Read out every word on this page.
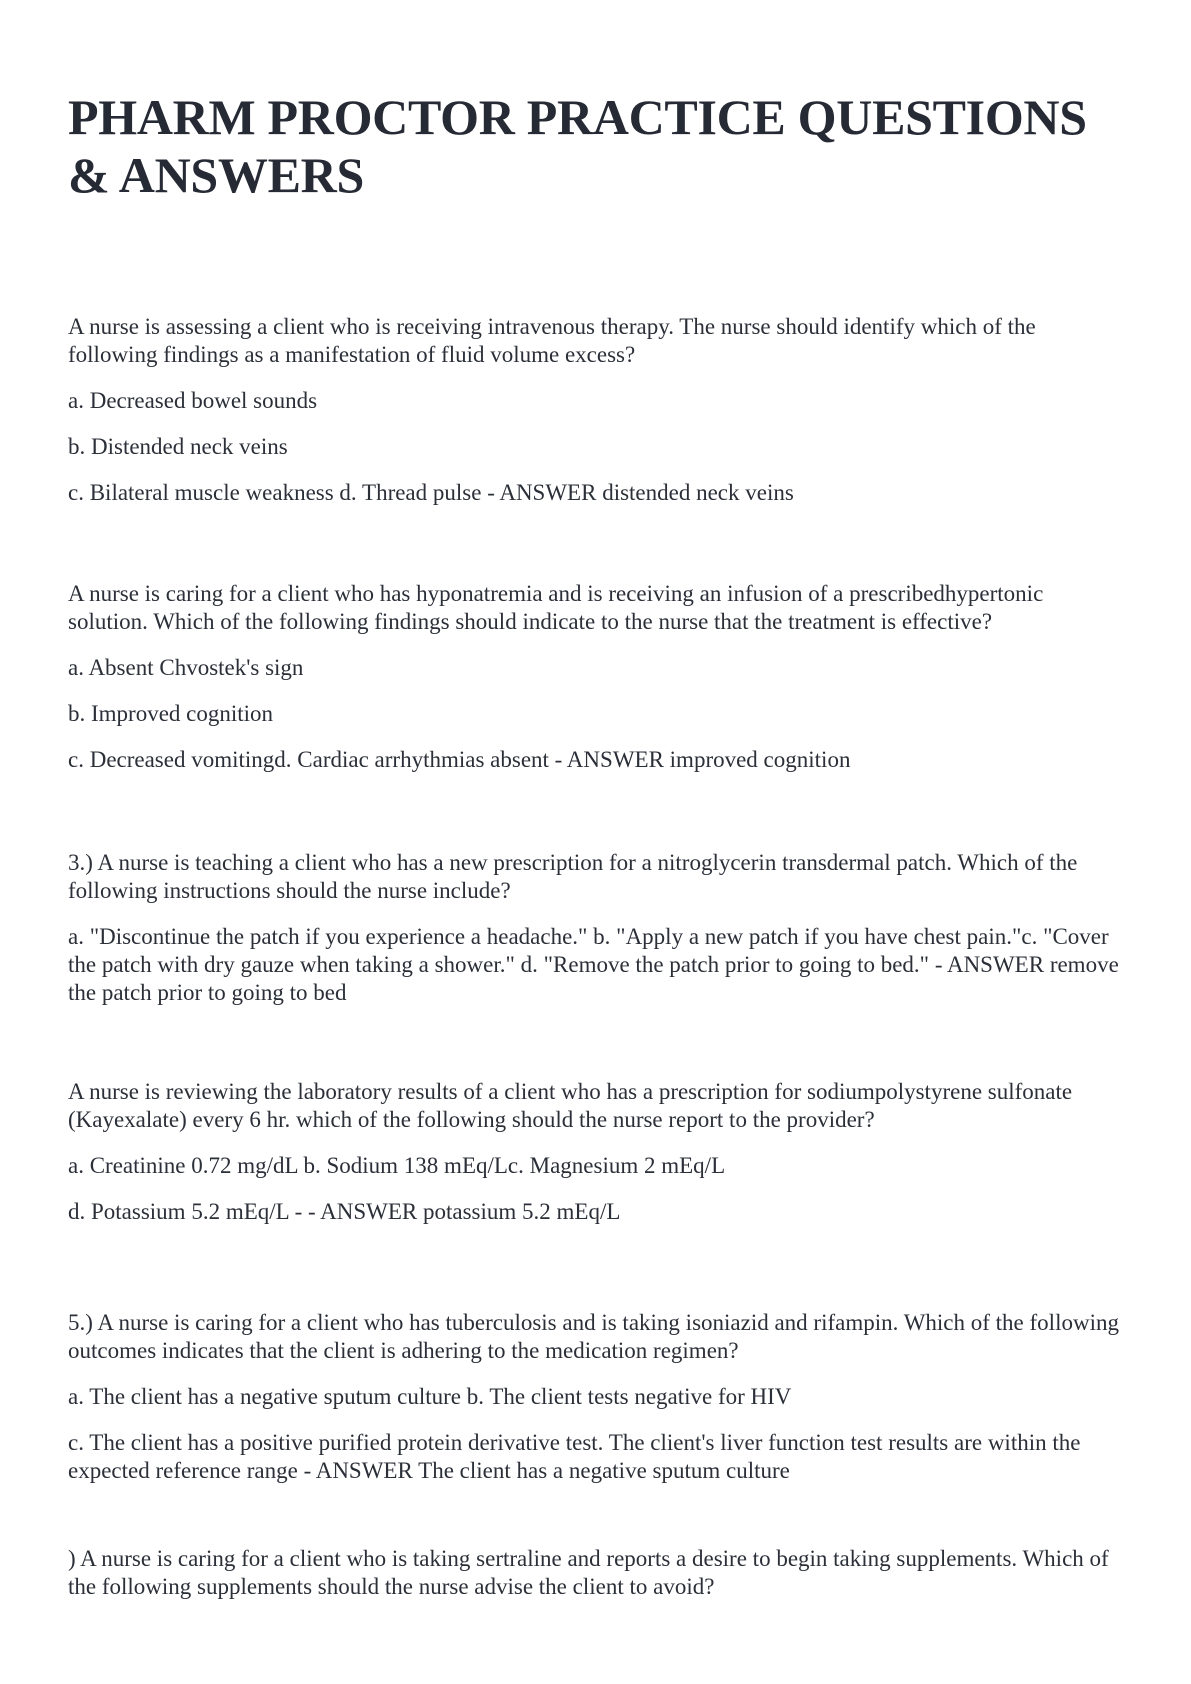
PHARM PROCTOR PRACTICE QUESTIONS & ANSWERS

A nurse is assessing a client who is receiving intravenous therapy. The nurse should identify which of the following findings as a manifestation of fluid volume excess?

a. Decreased bowel sounds

b. Distended neck veins

c. Bilateral muscle weakness d. Thread pulse - ANSWER distended neck veins

A nurse is caring for a client who has hyponatremia and is receiving an infusion of a prescribedhypertonic solution. Which of the following findings should indicate to the nurse that the treatment is effective?

a. Absent Chvostek's sign

b. Improved cognition

c. Decreased vomitingd. Cardiac arrhythmias absent - ANSWER improved cognition

3.) A nurse is teaching a client who has a new prescription for a nitroglycerin transdermal patch. Which of the following instructions should the nurse include?

a. "Discontinue the patch if you experience a headache." b. "Apply a new patch if you have chest pain."c. "Cover the patch with dry gauze when taking a shower." d. "Remove the patch prior to going to bed." - ANSWER remove the patch prior to going to bed

A nurse is reviewing the laboratory results of a client who has a prescription for sodiumpolystyrene sulfonate (Kayexalate) every 6 hr. which of the following should the nurse report to the provider?

a. Creatinine 0.72 mg/dL b. Sodium 138 mEq/Lc. Magnesium 2 mEq/L

d. Potassium 5.2 mEq/L - - ANSWER potassium 5.2 mEq/L

5.) A nurse is caring for a client who has tuberculosis and is taking isoniazid and rifampin. Which of the following outcomes indicates that the client is adhering to the medication regimen?

a. The client has a negative sputum culture b. The client tests negative for HIV

c. The client has a positive purified protein derivative test. The client's liver function test results are within the expected reference range - ANSWER The client has a negative sputum culture

) A nurse is caring for a client who is taking sertraline and reports a desire to begin taking supplements. Which of the following supplements should the nurse advise the client to avoid?
